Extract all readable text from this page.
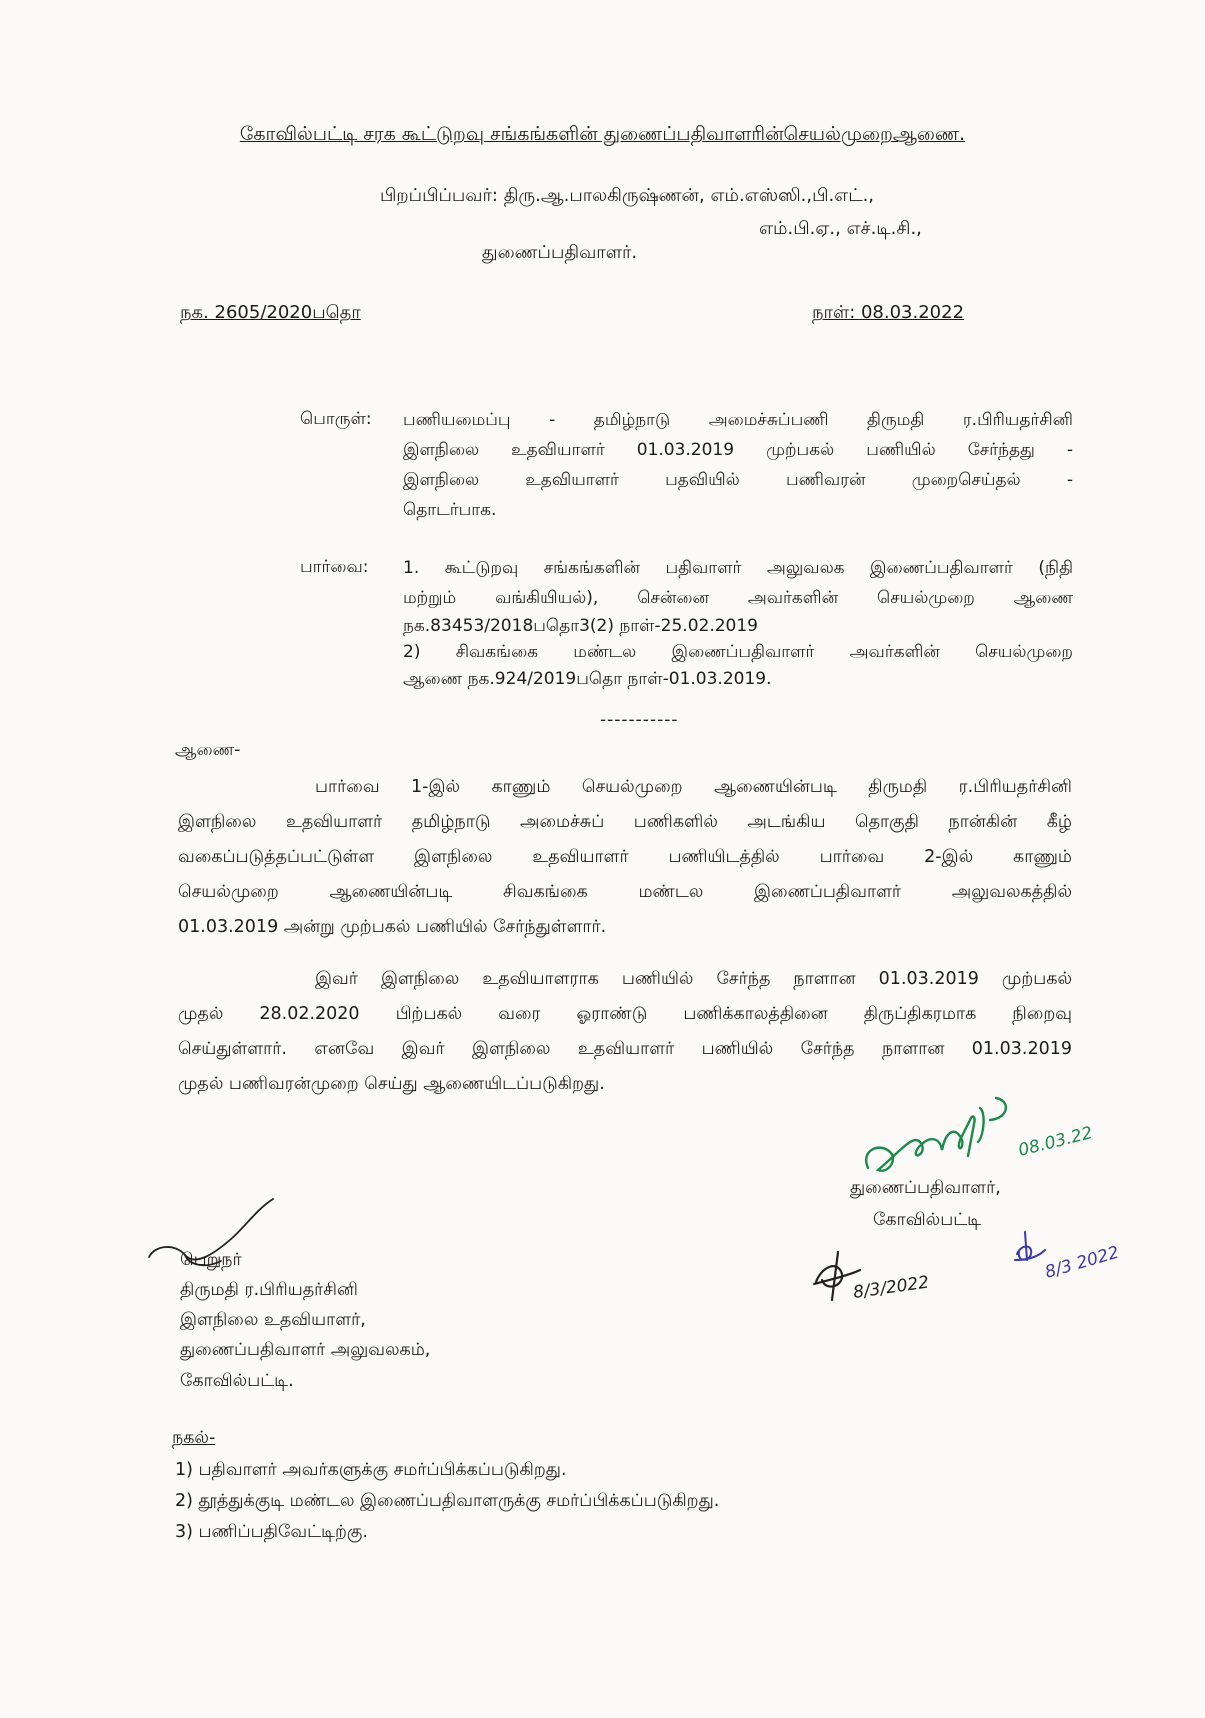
கோவில்பட்டி சரக கூட்டுறவு சங்கங்களின் துணைப்பதிவாளரின்செயல்முறைஆணை.
பிறப்பிப்பவர்: திரு.ஆ.பாலகிருஷ்ணன், எம்.எஸ்ஸி.,பி.எட்.,
எம்.பி.ஏ., எச்.டி.சி.,
துணைப்பதிவாளர்.
நக. 2605/2020பதொ	நாள்: 08.03.2022
பொருள்: பணியமைப்பு - தமிழ்நாடு அமைச்சுப்பணி திருமதி ர.பிரியதர்சினி
இளநிலை உதவியாளர் 01.03.2019 முற்பகல் பணியில் சேர்ந்தது -
இளநிலை உதவியாளர் பதவியில் பணிவரன் முறைசெய்தல் -
தொடர்பாக.
பார்வை: 1. கூட்டுறவு சங்கங்களின் பதிவாளர் அலுவலக இணைப்பதிவாளர் (நிதி
மற்றும் வங்கியியல்), சென்னை அவர்களின் செயல்முறை ஆணை
நக.83453/2018பதொ3(2) நாள்-25.02.2019
2) சிவகங்கை மண்டல இணைப்பதிவாளர் அவர்களின் செயல்முறை
ஆணை நக.924/2019பதொ நாள்-01.03.2019.
-----------
ஆணை-
பார்வை 1-இல் காணும் செயல்முறை ஆணையின்படி திருமதி ர.பிரியதர்சினி
இளநிலை உதவியாளர் தமிழ்நாடு அமைச்சுப் பணிகளில் அடங்கிய தொகுதி நான்கின் கீழ்
வகைப்படுத்தப்பட்டுள்ள இளநிலை உதவியாளர் பணியிடத்தில் பார்வை 2-இல் காணும்
செயல்முறை ஆணையின்படி சிவகங்கை மண்டல இணைப்பதிவாளர் அலுவலகத்தில்
01.03.2019 அன்று முற்பகல் பணியில் சேர்ந்துள்ளார்.
இவர் இளநிலை உதவியாளராக பணியில் சேர்ந்த நாளான 01.03.2019 முற்பகல்
முதல் 28.02.2020 பிற்பகல் வரை ஓராண்டு பணிக்காலத்தினை திருப்திகரமாக நிறைவு
செய்துள்ளார். எனவே இவர் இளநிலை உதவியாளர் பணியில் சேர்ந்த நாளான 01.03.2019
முதல் பணிவரன்முறை செய்து ஆணையிடப்படுகிறது.
08.03.22
துணைப்பதிவாளர்,
கோவில்பட்டி
8/3/2022
8/3 2022
பெறுநர்
திருமதி ர.பிரியதர்சினி
இளநிலை உதவியாளர்,
துணைப்பதிவாளர் அலுவலகம்,
கோவில்பட்டி.
நகல்-
1) பதிவாளர் அவர்களுக்கு சமர்ப்பிக்கப்படுகிறது.
2) தூத்துக்குடி மண்டல இணைப்பதிவாளருக்கு சமர்ப்பிக்கப்படுகிறது.
3) பணிப்பதிவேட்டிற்கு.
